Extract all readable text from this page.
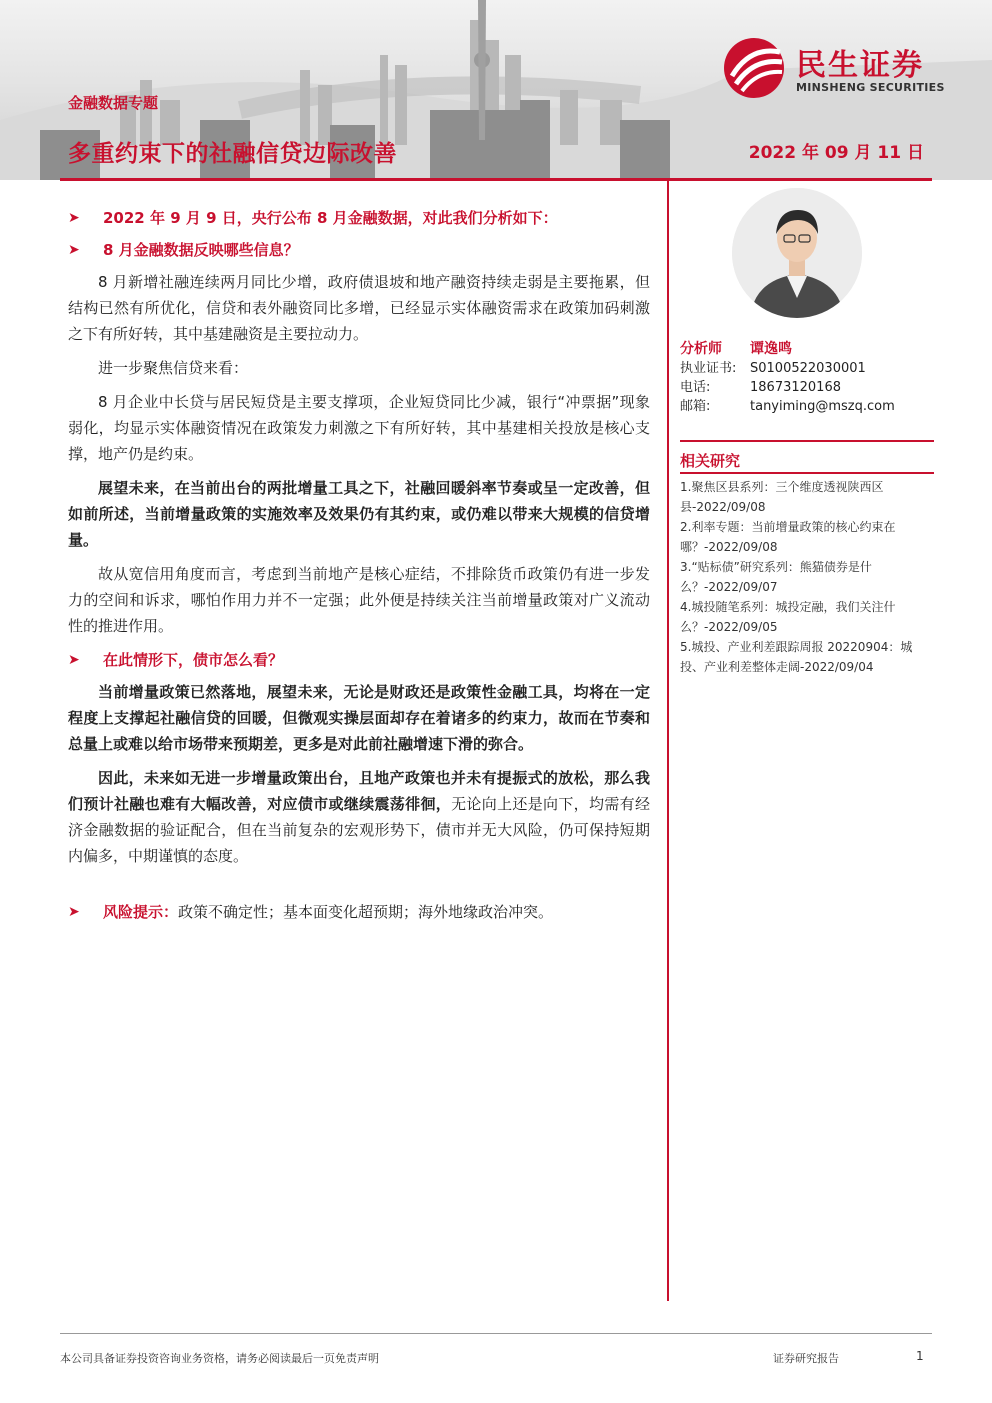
金融数据专题
多重约束下的社融信贷边际改善	2022 年 09 月 11 日
民生证券
MINSHENG SECURITIES
➤ 2022 年 9 月 9 日，央行公布 8 月金融数据，对此我们分析如下：
➤ 8 月金融数据反映哪些信息？

8 月新增社融连续两月同比少增，政府债退坡和地产融资持续走弱是主要拖累，但结构已然有所优化，信贷和表外融资同比多增，已经显示实体融资需求在政策加码刺激之下有所好转，其中基建融资是主要拉动力。

进一步聚焦信贷来看：

8 月企业中长贷与居民短贷是主要支撑项，企业短贷同比少减，银行“冲票据”现象弱化，均显示实体融资情况在政策发力刺激之下有所好转，其中基建相关投放是核心支撑，地产仍是约束。

展望未来，在当前出台的两批增量工具之下，社融回暖斜率节奏或呈一定改善，但如前所述，当前增量政策的实施效率及效果仍有其约束，或仍难以带来大规模的信贷增量。

故从宽信用角度而言，考虑到当前地产是核心症结，不排除货币政策仍有进一步发力的空间和诉求，哪怕作用力并不一定强；此外便是持续关注当前增量政策对广义流动性的推进作用。

➤ 在此情形下，债市怎么看？

当前增量政策已然落地，展望未来，无论是财政还是政策性金融工具，均将在一定程度上支撑起社融信贷的回暖，但微观实操层面却存在着诸多的约束力，故而在节奏和总量上或难以给市场带来预期差，更多是对此前社融增速下滑的弥合。

因此，未来如无进一步增量政策出台，且地产政策也并未有提振式的放松，那么我们预计社融也难有大幅改善，对应债市或继续震荡徘徊，无论向上还是向下，均需有经济金融数据的验证配合，但在当前复杂的宏观形势下，债市并无大风险，仍可保持短期内偏多，中期谨慎的态度。

➤ 风险提示：政策不确定性；基本面变化超预期；海外地缘政治冲突。
分析师	谭逸鸣
执业证书:	S0100522030001
电话:	18673120168
邮箱:	tanyiming@mszq.com
相关研究
1.聚焦区县系列：三个维度透视陕西区县-2022/09/08
2.利率专题：当前增量政策的核心约束在哪？-2022/09/08
3.“贴标债”研究系列：熊猫债券是什么？-2022/09/07
4.城投随笔系列：城投定融，我们关注什么？-2022/09/05
5.城投、产业利差跟踪周报 20220904：城投、产业利差整体走阔-2022/09/04
本公司具备证券投资咨询业务资格，请务必阅读最后一页免责声明	证券研究报告	1
